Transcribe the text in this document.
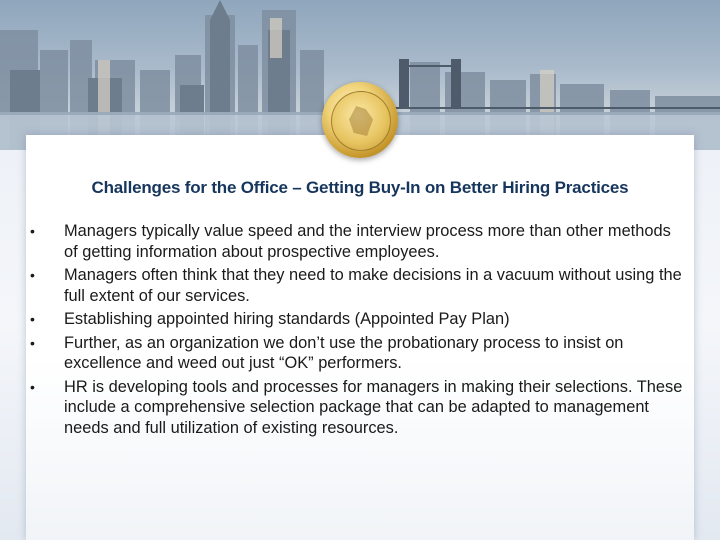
Challenges for the Office – Getting Buy-In on Better Hiring Practices
• Managers typically value speed and the interview process more than other methods of getting information about prospective employees.
• Managers often think that they need to make decisions in a vacuum without using the full extent of our services.
• Establishing appointed hiring standards (Appointed Pay Plan)
• Further, as an organization we don’t use the probationary process to insist on excellence and weed out just “OK” performers.
• HR is developing tools and processes for managers in making their selections. These include a comprehensive selection package that can be adapted to management needs and full utilization of existing resources.
